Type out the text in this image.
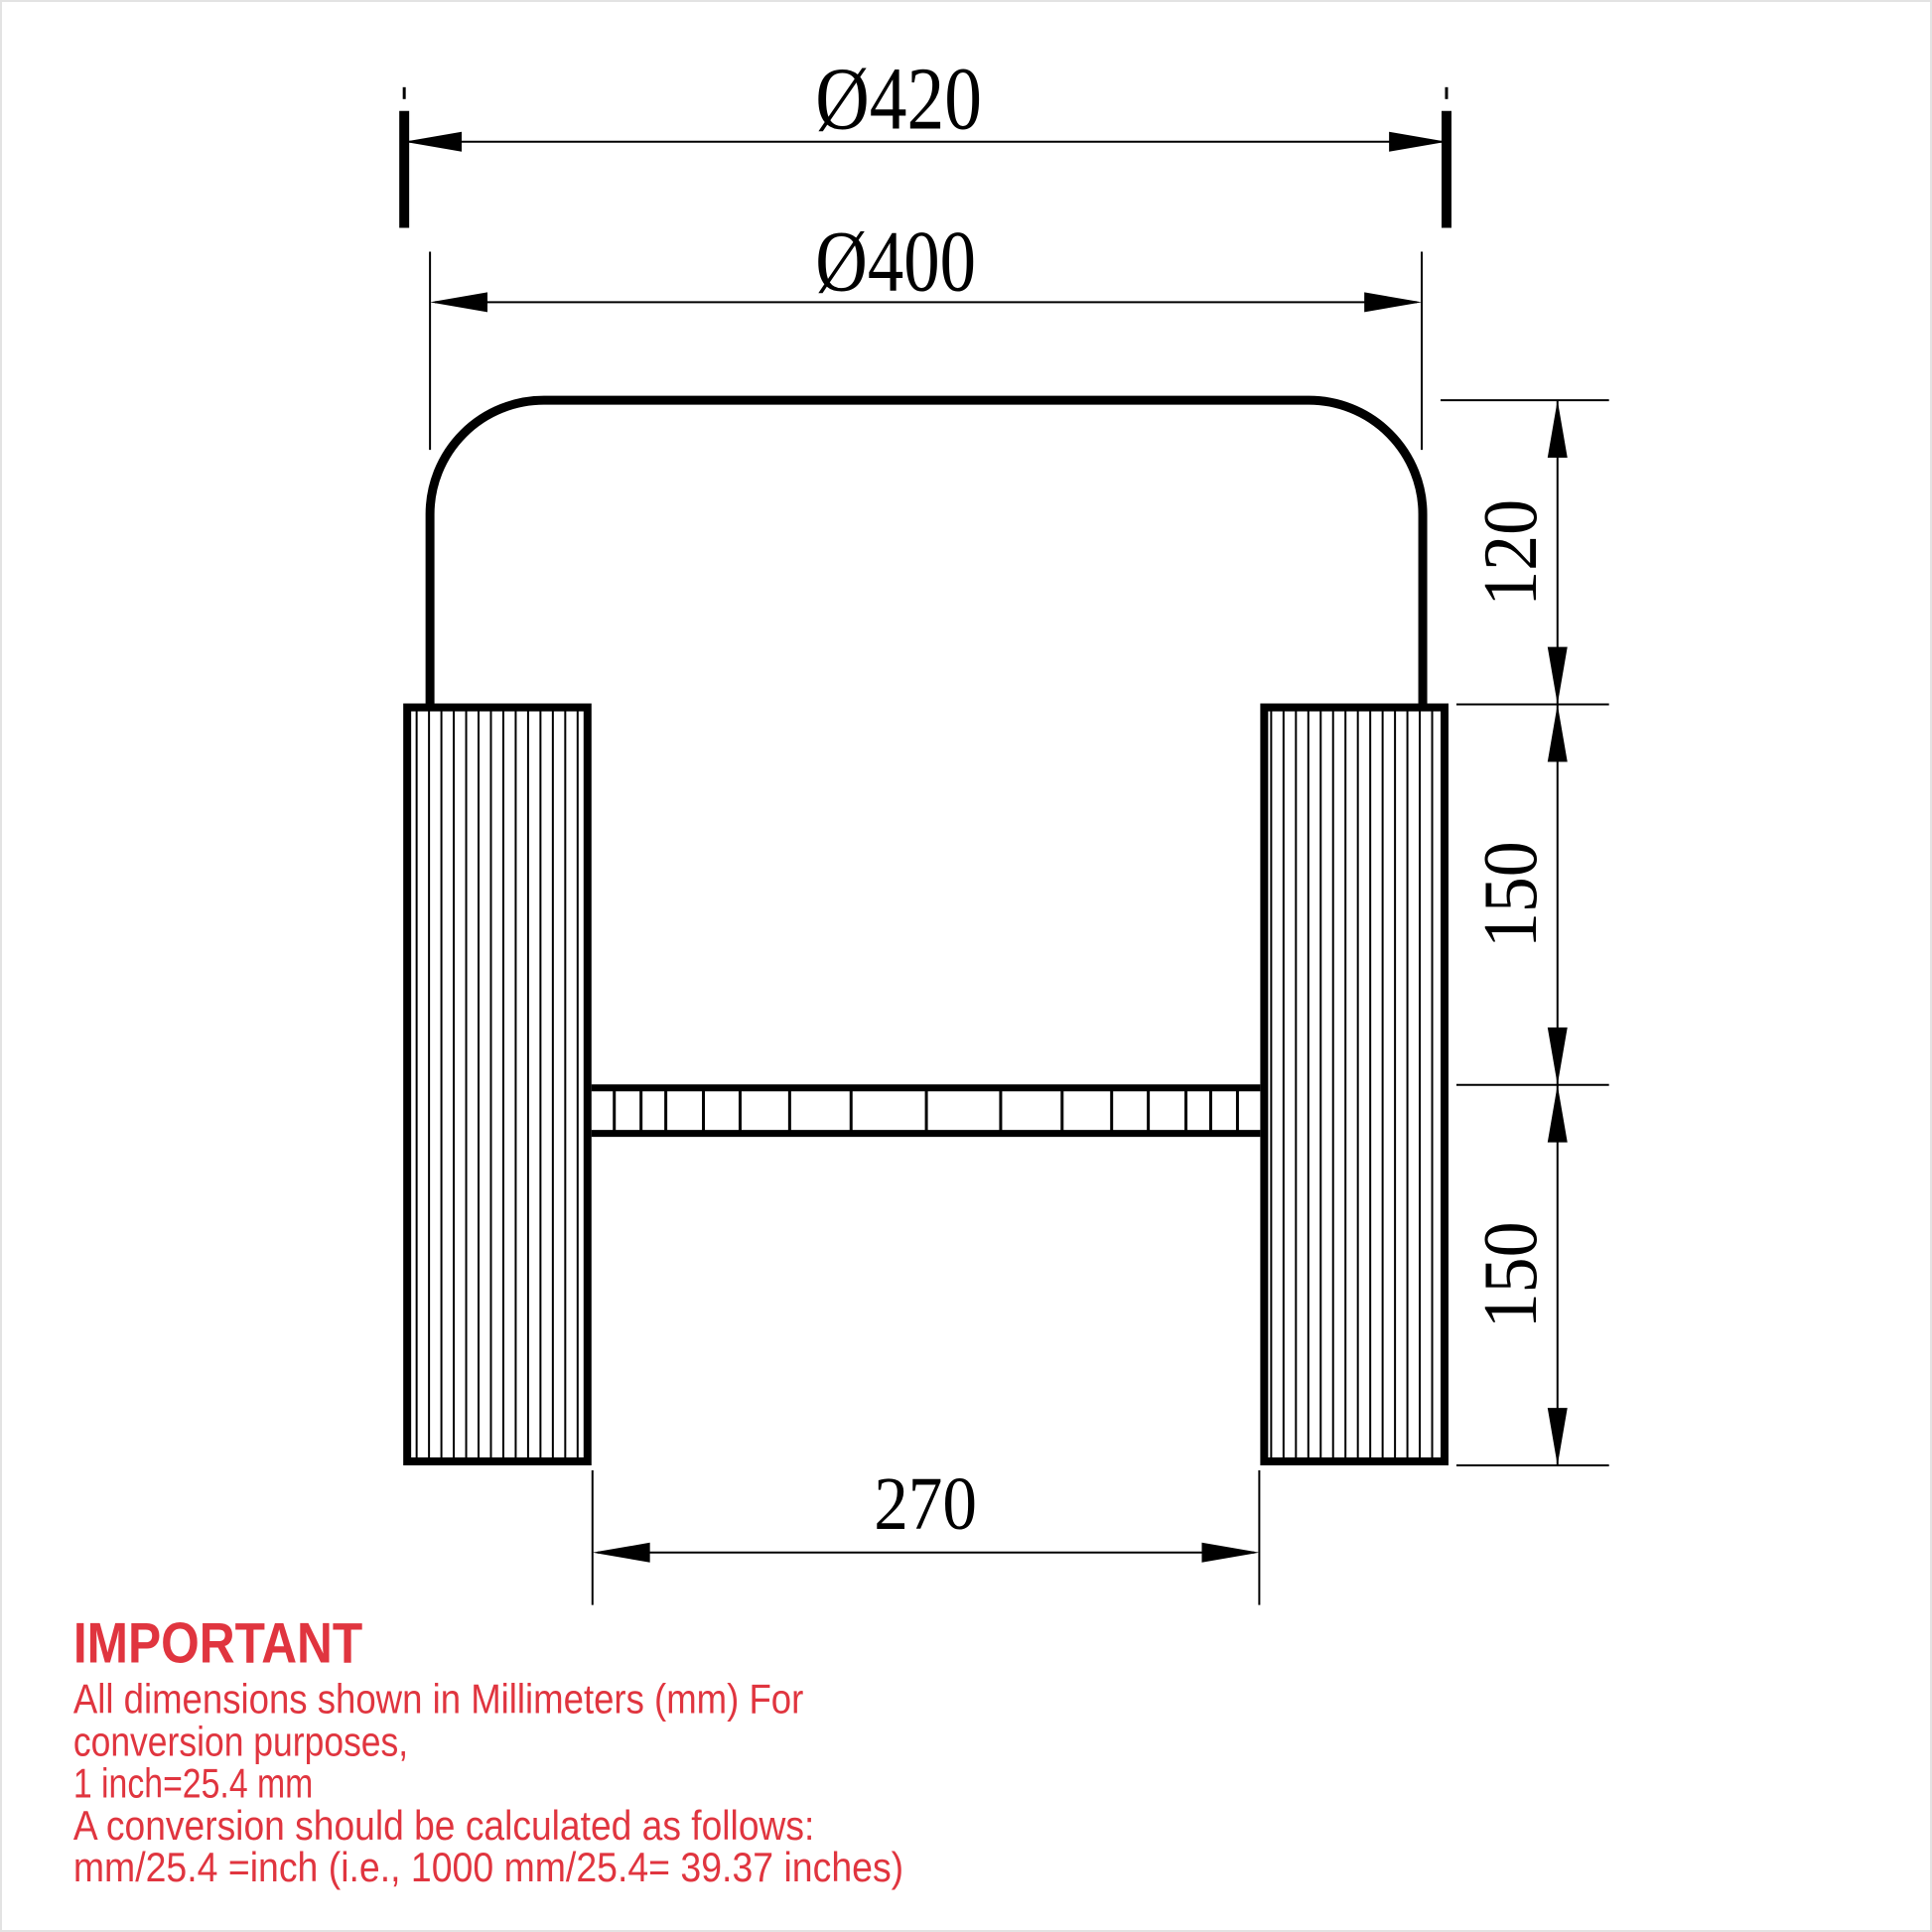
Ø420
Ø400
120
150
150
270
IMPORTANT
All dimensions shown in Millimeters (mm) For
conversion purposes,
1 inch=25.4 mm
A conversion should be calculated as follows:
mm/25.4 =inch (i.e., 1000 mm/25.4= 39.37 inches)
